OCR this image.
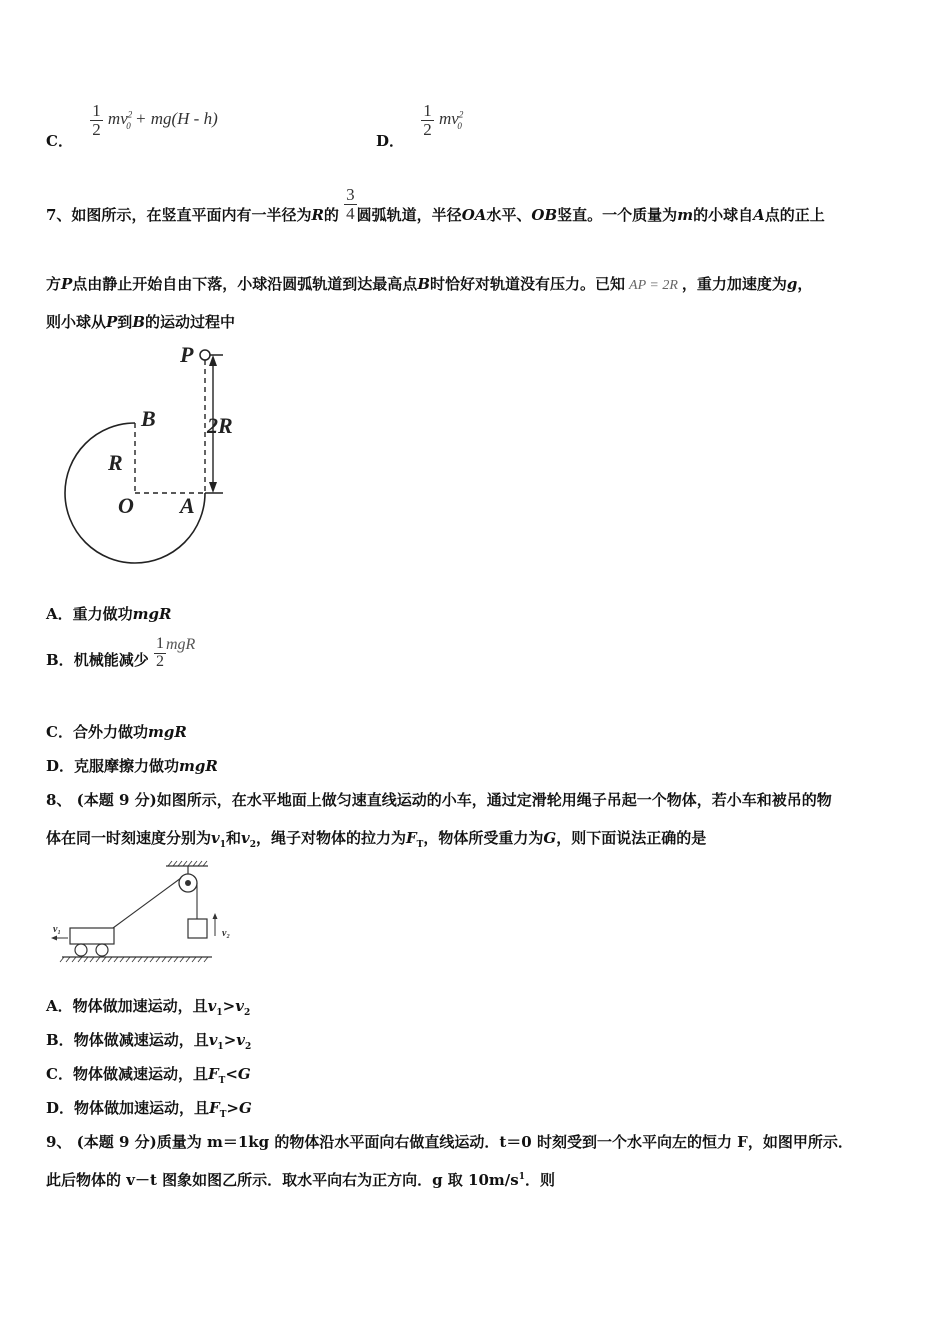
C．
$\frac{1}{2} mv^2_0 + mg(H - h)$
D．
$\frac{1}{2} mv^2_0$
7、如图所示，在竖直平面内有一半径为R的 $\frac{3}{4}$ 圆弧轨道，半径OA水平、OB竖直。一个质量为m的小球自A点的正上
方P点由静止开始自由下落，小球沿圆弧轨道到达最高点B时恰好对轨道没有压力。已知 AP = 2R ，重力加速度为g，
则小球从P到B的运动过程中
P
B
R
2R
O A
A．重力做功mgR
B．机械能减少 $\frac{1}{2}$ mgR
C．合外力做功mgR
D．克服摩擦力做功mgR
8、 (本题 9 分)如图所示，在水平地面上做匀速直线运动的小车，通过定滑轮用绳子吊起一个物体，若小车和被吊的物
体在同一时刻速度分别为$v_1$和$v_2$，绳子对物体的拉力为$F_T$，物体所受重力为G，则下面说法正确的是
v₂
v₁
A．物体做加速运动，且$v_1>v_2$
B．物体做减速运动，且$v_1>v_2$
C．物体做减速运动，且$F_T<G$
D．物体做加速运动，且$F_T>G$
9、 (本题 9 分)质量为 m＝1kg 的物体沿水平面向右做直线运动．t＝0 时刻受到一个水平向左的恒力 F，如图甲所示．
此后物体的 v－t 图象如图乙所示．取水平向右为正方向．g 取 $10m/s^1$．则
